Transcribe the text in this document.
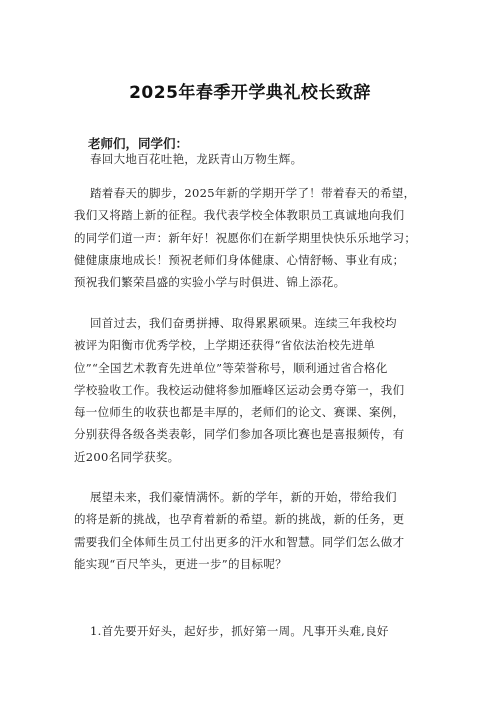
2025年春季开学典礼校长致辞
老师们，同学们：
春回大地百花吐艳，龙跃青山万物生辉。
踏着春天的脚步，2025年新的学期开学了！带着春天的希望，
我们又将踏上新的征程。我代表学校全体教职员工真诚地向我们
的同学们道一声：新年好！祝愿你们在新学期里快快乐乐地学习；
健健康康地成长！预祝老师们身体健康、心情舒畅、事业有成；
预祝我们繁荣昌盛的实验小学与时俱进、锦上添花。
回首过去，我们奋勇拼搏、取得累累硕果。连续三年我校均
被评为阳衡市优秀学校，上学期还获得“省依法治校先进单
位”“全国艺术教育先进单位”等荣誉称号，顺利通过省合格化
学校验收工作。我校运动健将参加雁峰区运动会勇夺第一，我们
每一位师生的收获也都是丰厚的，老师们的论文、赛课、案例，
分别获得各级各类表彰，同学们参加各项比赛也是喜报频传，有
近200名同学获奖。
展望未来，我们豪情满怀。新的学年，新的开始，带给我们
的将是新的挑战，也孕育着新的希望。新的挑战，新的任务，更
需要我们全体师生员工付出更多的汗水和智慧。同学们怎么做才
能实现“百尺竿头，更进一步”的目标呢？
1.首先要开好头，起好步，抓好第一周。凡事开头难,良好
